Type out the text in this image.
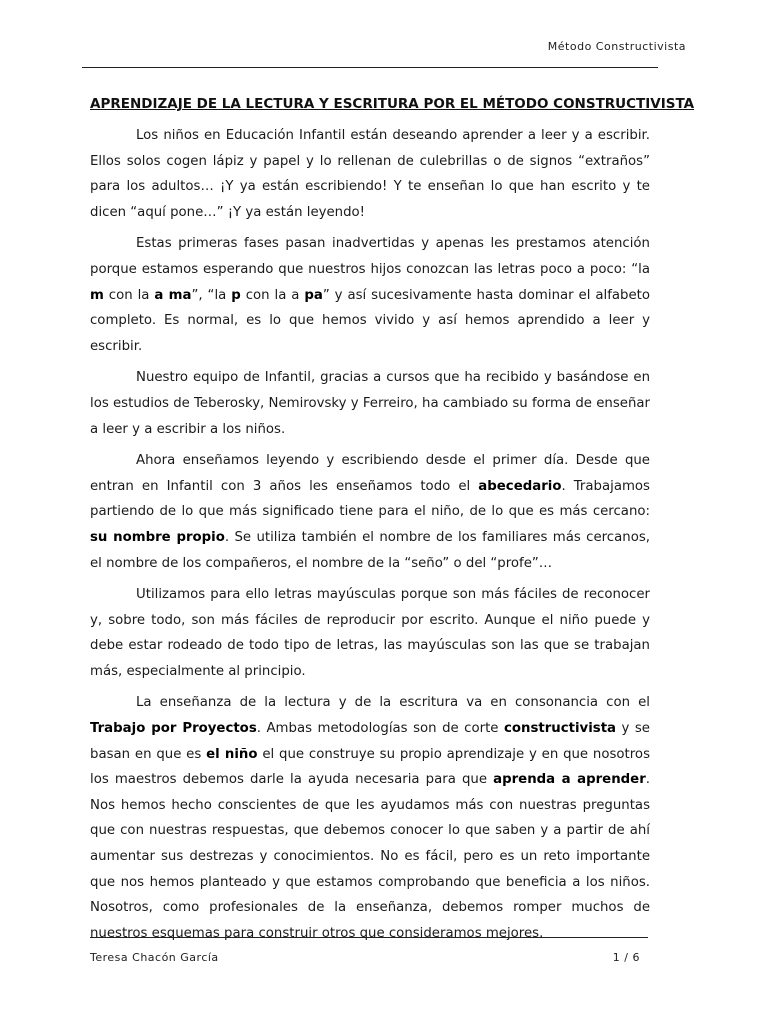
Método Constructivista
APRENDIZAJE DE LA LECTURA Y ESCRITURA POR EL MÉTODO CONSTRUCTIVISTA

Los niños en Educación Infantil están deseando aprender a leer y a escribir. Ellos solos cogen lápiz y papel y lo rellenan de culebrillas o de signos “extraños” para los adultos… ¡Y ya están escribiendo! Y te enseñan lo que han escrito y te dicen “aquí pone…” ¡Y ya están leyendo!

Estas primeras fases pasan inadvertidas y apenas les prestamos atención porque estamos esperando que nuestros hijos conozcan las letras poco a poco: “la m con la a ma”, “la p con la a pa” y así sucesivamente hasta dominar el alfabeto completo. Es normal, es lo que hemos vivido y así hemos aprendido a leer y escribir.

Nuestro equipo de Infantil, gracias a cursos que ha recibido y basándose en los estudios de Teberosky, Nemirovsky y Ferreiro, ha cambiado su forma de enseñar a leer y a escribir a los niños.

Ahora enseñamos leyendo y escribiendo desde el primer día. Desde que entran en Infantil con 3 años les enseñamos todo el abecedario. Trabajamos partiendo de lo que más significado tiene para el niño, de lo que es más cercano: su nombre propio. Se utiliza también el nombre de los familiares más cercanos, el nombre de los compañeros, el nombre de la “seño” o del “profe”…

Utilizamos para ello letras mayúsculas porque son más fáciles de reconocer y, sobre todo, son más fáciles de reproducir por escrito. Aunque el niño puede y debe estar rodeado de todo tipo de letras, las mayúsculas son las que se trabajan más, especialmente al principio.

La enseñanza de la lectura y de la escritura va en consonancia con el Trabajo por Proyectos. Ambas metodologías son de corte constructivista y se basan en que es el niño el que construye su propio aprendizaje y en que nosotros los maestros debemos darle la ayuda necesaria para que aprenda a aprender. Nos hemos hecho conscientes de que les ayudamos más con nuestras preguntas que con nuestras respuestas, que debemos conocer lo que saben y a partir de ahí aumentar sus destrezas y conocimientos. No es fácil, pero es un reto importante que nos hemos planteado y que estamos comprobando que beneficia a los niños. Nosotros, como profesionales de la enseñanza, debemos romper muchos de nuestros esquemas para construir otros que consideramos mejores.

Teresa Chacón García	1 / 6
